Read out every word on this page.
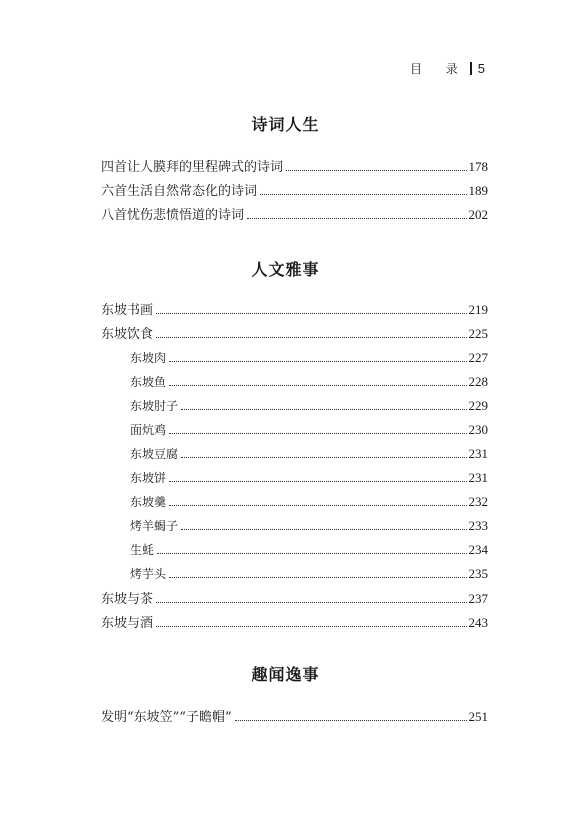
目 录 5
诗词人生
四首让人膜拜的里程碑式的诗词	178
六首生活自然常态化的诗词	189
八首忧伤悲愤悟道的诗词	202
人文雅事
东坡书画	219
东坡饮食	225
东坡肉	227
东坡鱼	228
东坡肘子	229
面炕鸡	230
东坡豆腐	231
东坡饼	231
东坡羹	232
烤羊蝎子	233
生蚝	234
烤芋头	235
东坡与茶	237
东坡与酒	243
趣闻逸事
发明“东坡笠”“子瞻帽”	251
